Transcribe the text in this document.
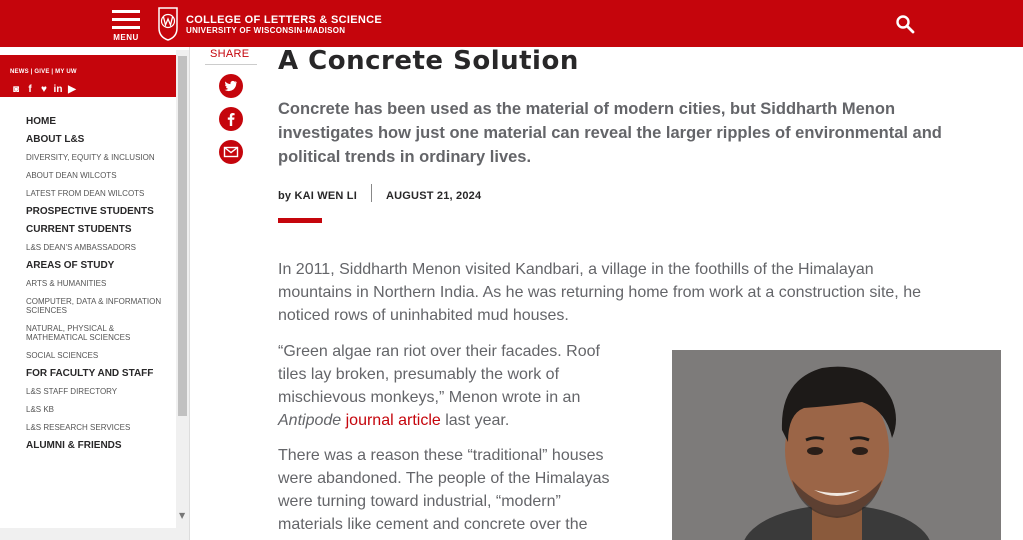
MENU
COLLEGE OF LETTERS & SCIENCE
UNIVERSITY OF WISCONSIN-MADISON
NEWS | GIVE | MY UW
◙ f ♥ in ▶
HOME
ABOUT L&S
DIVERSITY, EQUITY & INCLUSION
ABOUT DEAN WILCOTS
LATEST FROM DEAN WILCOTS
PROSPECTIVE STUDENTS
CURRENT STUDENTS
L&S DEAN'S AMBASSADORS
AREAS OF STUDY
ARTS & HUMANITIES
COMPUTER, DATA & INFORMATION SCIENCES
NATURAL, PHYSICAL & MATHEMATICAL SCIENCES
SOCIAL SCIENCES
FOR FACULTY AND STAFF
L&S STAFF DIRECTORY
L&S KB
L&S RESEARCH SERVICES
ALUMNI & FRIENDS
▼
SHARE A Concrete Solution
Concrete has been used as the material of modern cities, but Siddharth Menon investigates how just one material can reveal the larger ripples of environmental and political trends in ordinary lives.
by KAI WEN LI	AUGUST 21, 2024

In 2011, Siddharth Menon visited Kandbari, a village in the foothills of the Himalayan mountains in Northern India. As he was returning home from work at a construction site, he noticed rows of uninhabited mud houses.

“Green algae ran riot over their facades. Roof tiles lay broken, presumably the work of mischievous monkeys,” Menon wrote in an Antipode journal article last year.

There was a reason these “traditional” houses were abandoned. The people of the Himalayas were turning toward industrial, “modern” materials like cement and concrete over the
